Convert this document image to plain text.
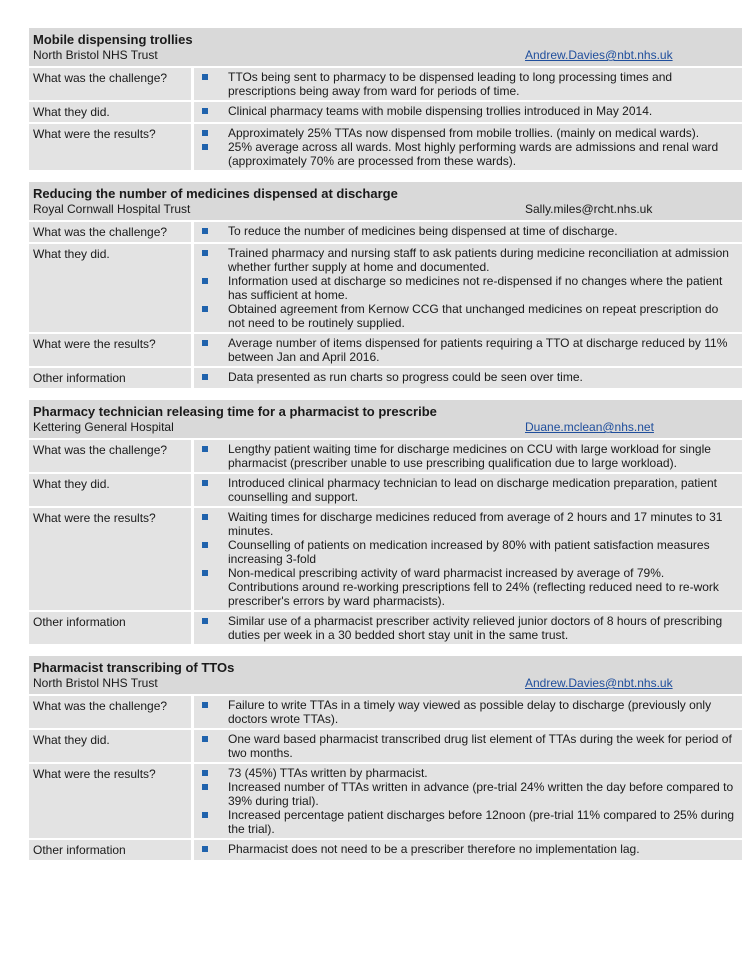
Mobile dispensing trollies
North Bristol NHS Trust	Andrew.Davies@nbt.nhs.uk
What was the challenge?	TTOs being sent to pharmacy to be dispensed leading to long processing times and prescriptions being away from ward for periods of time.
What they did.	Clinical pharmacy teams with mobile dispensing trollies introduced in May 2014.
What were the results?	Approximately 25% TTAs now dispensed from mobile trollies. (mainly on medical wards).
25% average across all wards. Most highly performing wards are admissions and renal ward (approximately 70% are processed from these wards).
Reducing the number of medicines dispensed at discharge
Royal Cornwall Hospital Trust	Sally.miles@rcht.nhs.uk
What was the challenge?	To reduce the number of medicines being dispensed at time of discharge.
What they did.	Trained pharmacy and nursing staff to ask patients during medicine reconciliation at admission whether further supply at home and documented.
Information used at discharge so medicines not re-dispensed if no changes where the patient has sufficient at home.
Obtained agreement from Kernow CCG that unchanged medicines on repeat prescription do not need to be routinely supplied.
What were the results?	Average number of items dispensed for patients requiring a TTO at discharge reduced by 11% between Jan and April 2016.
Other information	Data presented as run charts so progress could be seen over time.
Pharmacy technician releasing time for a pharmacist to prescribe
Kettering General Hospital	Duane.mclean@nhs.net
What was the challenge?	Lengthy patient waiting time for discharge medicines on CCU with large workload for single pharmacist (prescriber unable to use prescribing qualification due to large workload).
What they did.	Introduced clinical pharmacy technician to lead on discharge medication preparation, patient counselling and support.
What were the results?	Waiting times for discharge medicines reduced from average of 2 hours and 17 minutes to 31 minutes.
Counselling of patients on medication increased by 80% with patient satisfaction measures increasing 3-fold
Non-medical prescribing activity of ward pharmacist increased by average of 79%. Contributions around re-working prescriptions fell to 24% (reflecting reduced need to re-work prescriber's errors by ward pharmacists).
Other information	Similar use of a pharmacist prescriber activity relieved junior doctors of 8 hours of prescribing duties per week in a 30 bedded short stay unit in the same trust.
Pharmacist transcribing of TTOs
North Bristol NHS Trust	Andrew.Davies@nbt.nhs.uk
What was the challenge?	Failure to write TTAs in a timely way viewed as possible delay to discharge (previously only doctors wrote TTAs).
What they did.	One ward based pharmacist transcribed drug list element of TTAs during the week for period of two months.
What were the results?	73 (45%) TTAs written by pharmacist.
Increased number of TTAs written in advance (pre-trial 24% written the day before compared to 39% during trial).
Increased percentage patient discharges before 12noon (pre-trial 11% compared to 25% during the trial).
Other information	Pharmacist does not need to be a prescriber therefore no implementation lag.
